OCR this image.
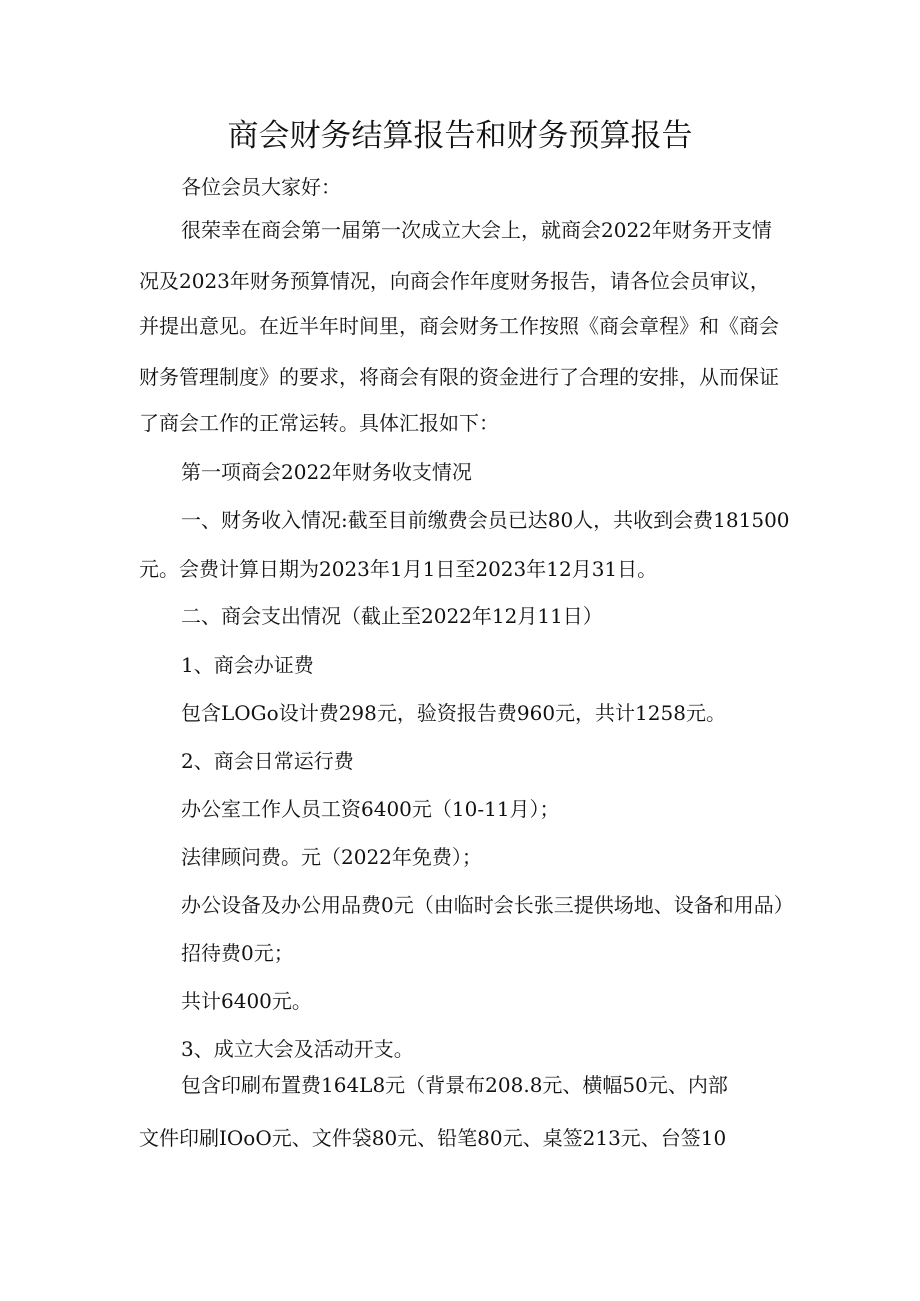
商会财务结算报告和财务预算报告

各位会员大家好：

很荣幸在商会第一届第一次成立大会上，就商会2022年财务开支情

况及2023年财务预算情况，向商会作年度财务报告，请各位会员审议，

并提出意见。在近半年时间里，商会财务工作按照《商会章程》和《商会

财务管理制度》的要求，将商会有限的资金进行了合理的安排，从而保证

了商会工作的正常运转。具体汇报如下：

第一项商会2022年财务收支情况

一、财务收入情况:截至目前缴费会员已达80人，共收到会费181500

元。会费计算日期为2023年1月1日至2023年12月31日。

二、商会支出情况（截止至2022年12月11日）

1、商会办证费

包含LOGo设计费298元，验资报告费960元，共计1258元。

2、商会日常运行费

办公室工作人员工资6400元（10-11月）；

法律顾问费。元（2022年免费）；

办公设备及办公用品费0元（由临时会长张三提供场地、设备和用品）

招待费0元；

共计6400元。

3、成立大会及活动开支。

包含印刷布置费164L8元（背景布208.8元、横幅50元、内部

文件印刷IOoO元、文件袋80元、铅笔80元、桌签213元、台签10
